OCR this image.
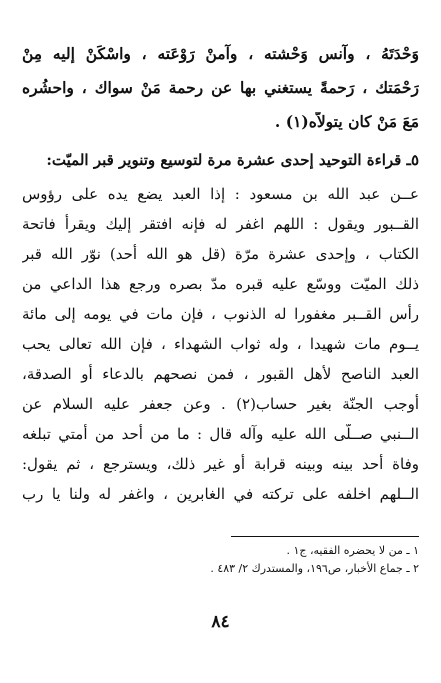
وَحْدَتَهُ ، وآنس وَحْشته ، وآمنْ رَوْعَته ، واسْكَنْ إليه مِنْ
رَحْمَتك ، رَحمةً يستغني بها عن رحمة مَنْ سواك ، واحشُره
مَعَ مَنْ كان يتولاّه(١) .
٥ـ قراءة التوحيد إحدى عشرة مرة لتوسيع وتنوير قبر الميّت:
عــن عبد الله بن مسعود : إذا العبد يضع يده على رؤوس
القــبور ويقول : اللهم اغفر له فإنه افتقر إليك ويقرأ فاتحة
الكتاب ، وإحدى عشرة مرّة (قل هو الله أحد) نوّر الله قبر
ذلك الميّت ووسّع عليه قبره مدّ بصره ورجع هذا الداعي من
رأس القــبر مغفورا له الذنوب ، فإن مات في يومه إلى مائة
يــوم مات شهيدا ، وله ثواب الشهداء ، فإن الله تعالى يحب
العبد الناصح لأهل القبور ، فمن نصحهم بالدعاء أو الصدقة،
أوجب الجنّة بغير حساب(٢) . وعن جعفر عليه السلام عن
الــنبي صــلّى الله عليه وآله قال : ما من أحد من أمتي تبلغه
وفاة أحد بينه وبينه قرابة أو غير ذلك، ويسترجع ، ثم يقول:
الــلهم اخلفه على تركته في الغابرين ، واغفر له ولنا يا رب
١ ـ من لا يحضره الفقيه، ج١ .
٢ ـ جماع الأخبار، ص١٩٦، والمستدرك ٢/ ٤٨٣ .
٨٤
